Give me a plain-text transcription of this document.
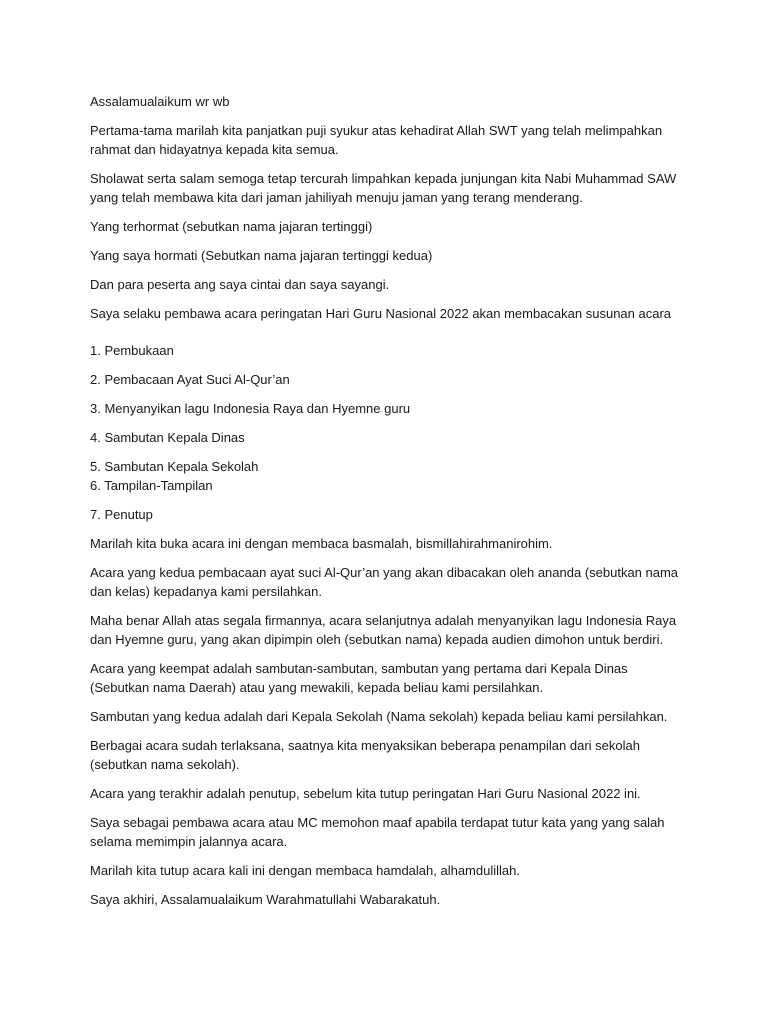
Assalamualaikum wr wb

Pertama-tama marilah kita panjatkan puji syukur atas kehadirat Allah SWT yang telah melimpahkan rahmat dan hidayatnya kepada kita semua.

Sholawat serta salam semoga tetap tercurah limpahkan kepada junjungan kita Nabi Muhammad SAW yang telah membawa kita dari jaman jahiliyah menuju jaman yang terang menderang.

Yang terhormat (sebutkan nama jajaran tertinggi)

Yang saya hormati (Sebutkan nama jajaran tertinggi kedua)

Dan para peserta ang saya cintai dan saya sayangi.

Saya selaku pembawa acara peringatan Hari Guru Nasional 2022 akan membacakan susunan acara

1. Pembukaan

2. Pembacaan Ayat Suci Al-Qur’an

3. Menyanyikan lagu Indonesia Raya dan Hyemne guru

4. Sambutan Kepala Dinas

5. Sambutan Kepala Sekolah

6. Tampilan-Tampilan

7. Penutup

Marilah kita buka acara ini dengan membaca basmalah, bismillahirahmanirohim.

Acara yang kedua pembacaan ayat suci Al-Qur’an yang akan dibacakan oleh ananda (sebutkan nama dan kelas) kepadanya kami persilahkan.

Maha benar Allah atas segala firmannya, acara selanjutnya adalah menyanyikan lagu Indonesia Raya dan Hyemne guru, yang akan dipimpin oleh (sebutkan nama) kepada audien dimohon untuk berdiri.

Acara yang keempat adalah sambutan-sambutan, sambutan yang pertama dari Kepala Dinas (Sebutkan nama Daerah) atau yang mewakili, kepada beliau kami persilahkan.

Sambutan yang kedua adalah dari Kepala Sekolah (Nama sekolah) kepada beliau kami persilahkan.

Berbagai acara sudah terlaksana, saatnya kita menyaksikan beberapa penampilan dari sekolah (sebutkan nama sekolah).

Acara yang terakhir adalah penutup, sebelum kita tutup peringatan Hari Guru Nasional 2022 ini.

Saya sebagai pembawa acara atau MC memohon maaf apabila terdapat tutur kata yang yang salah selama memimpin jalannya acara.

Marilah kita tutup acara kali ini dengan membaca hamdalah, alhamdulillah.

Saya akhiri, Assalamualaikum Warahmatullahi Wabarakatuh.
